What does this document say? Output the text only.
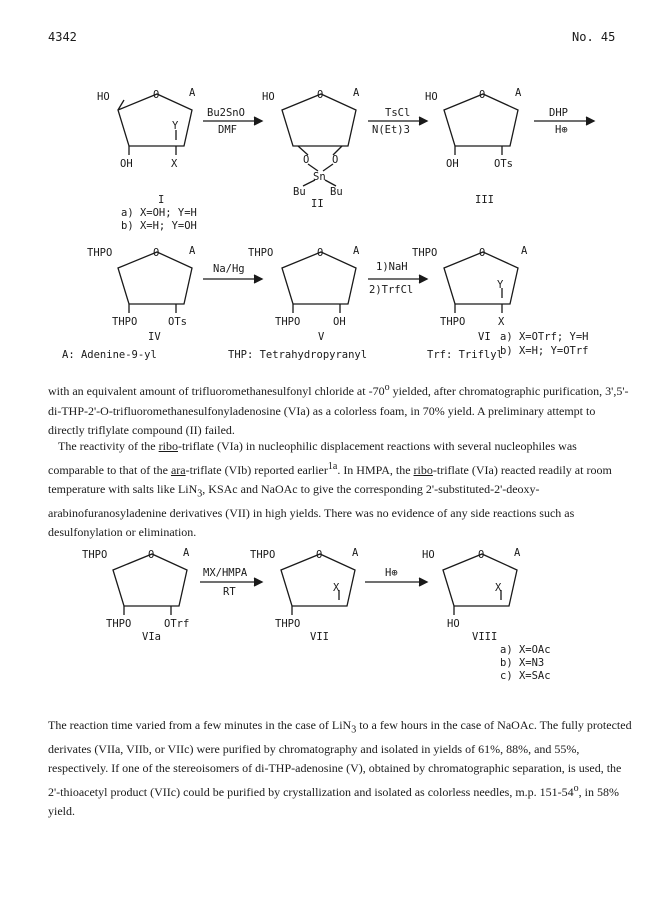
4342	No. 45
HO	O	A
Y
OH	X
I
a) X=OH; Y=H
b) X=H; Y=OH
Bu2SnO
DMF
HO	O	A
O O
Sn
Bu Bu
II
TsCl
N(Et)3
HO	O	A
OH	OTs
III
DHP
H⊕
THPO	O	A
THPO	OTs
IV
Na/Hg
THPO	O	A
THPO	OH
V
1)NaH
2)TrfCl
THPO	O	A
Y
THPO	X
VI a) X=OTrf; Y=H
b) X=H; Y=OTrf
A: Adenine-9-yl	THP: Tetrahydropyranyl	Trf: Triflyl
THPO	O	A
THPO	OTrf
VIa
MX/HMPA
RT
THPO	O	A
X
THPO
VII
H⊕
HO	O	A
X
HO
VIII
a) X=OAc
b) X=N3
c) X=SAc

with an equivalent amount of trifluoromethanesulfonyl chloride at -70$^o$ yielded, after chromatographic purification, 3',5'-di-THP-2'-O-trifluoromethanesulfonyladenosine (VIa) as a colorless foam, in 70% yield. A preliminary attempt to directly triflylate compound (II) failed.

The reactivity of the ribo-triflate (VIa) in nucleophilic displacement reactions with several nucleophiles was comparable to that of the ara-triflate (VIb) reported earlier$^{1a}$. In HMPA, the ribo-triflate (VIa) reacted readily at room temperature with salts like LiN$_3$, KSAc and NaOAc to give the corresponding 2'-substituted-2'-deoxy-arabinofuranosyladenine derivatives (VII) in high yields. There was no evidence of any side reactions such as desulfonylation or elimination.

The reaction time varied from a few minutes in the case of LiN$_3$ to a few hours in the case of NaOAc. The fully protected derivates (VIIa, VIIb, or VIIc) were purified by chromatography and isolated in yields of 61%, 88%, and 55%, respectively. If one of the stereoisomers of di-THP-adenosine (V), obtained by chromatographic separation, is used, the 2'-thioacetyl product (VIIc) could be purified by crystallization and isolated as colorless needles, m.p. 151-54$^o$, in 58% yield.
